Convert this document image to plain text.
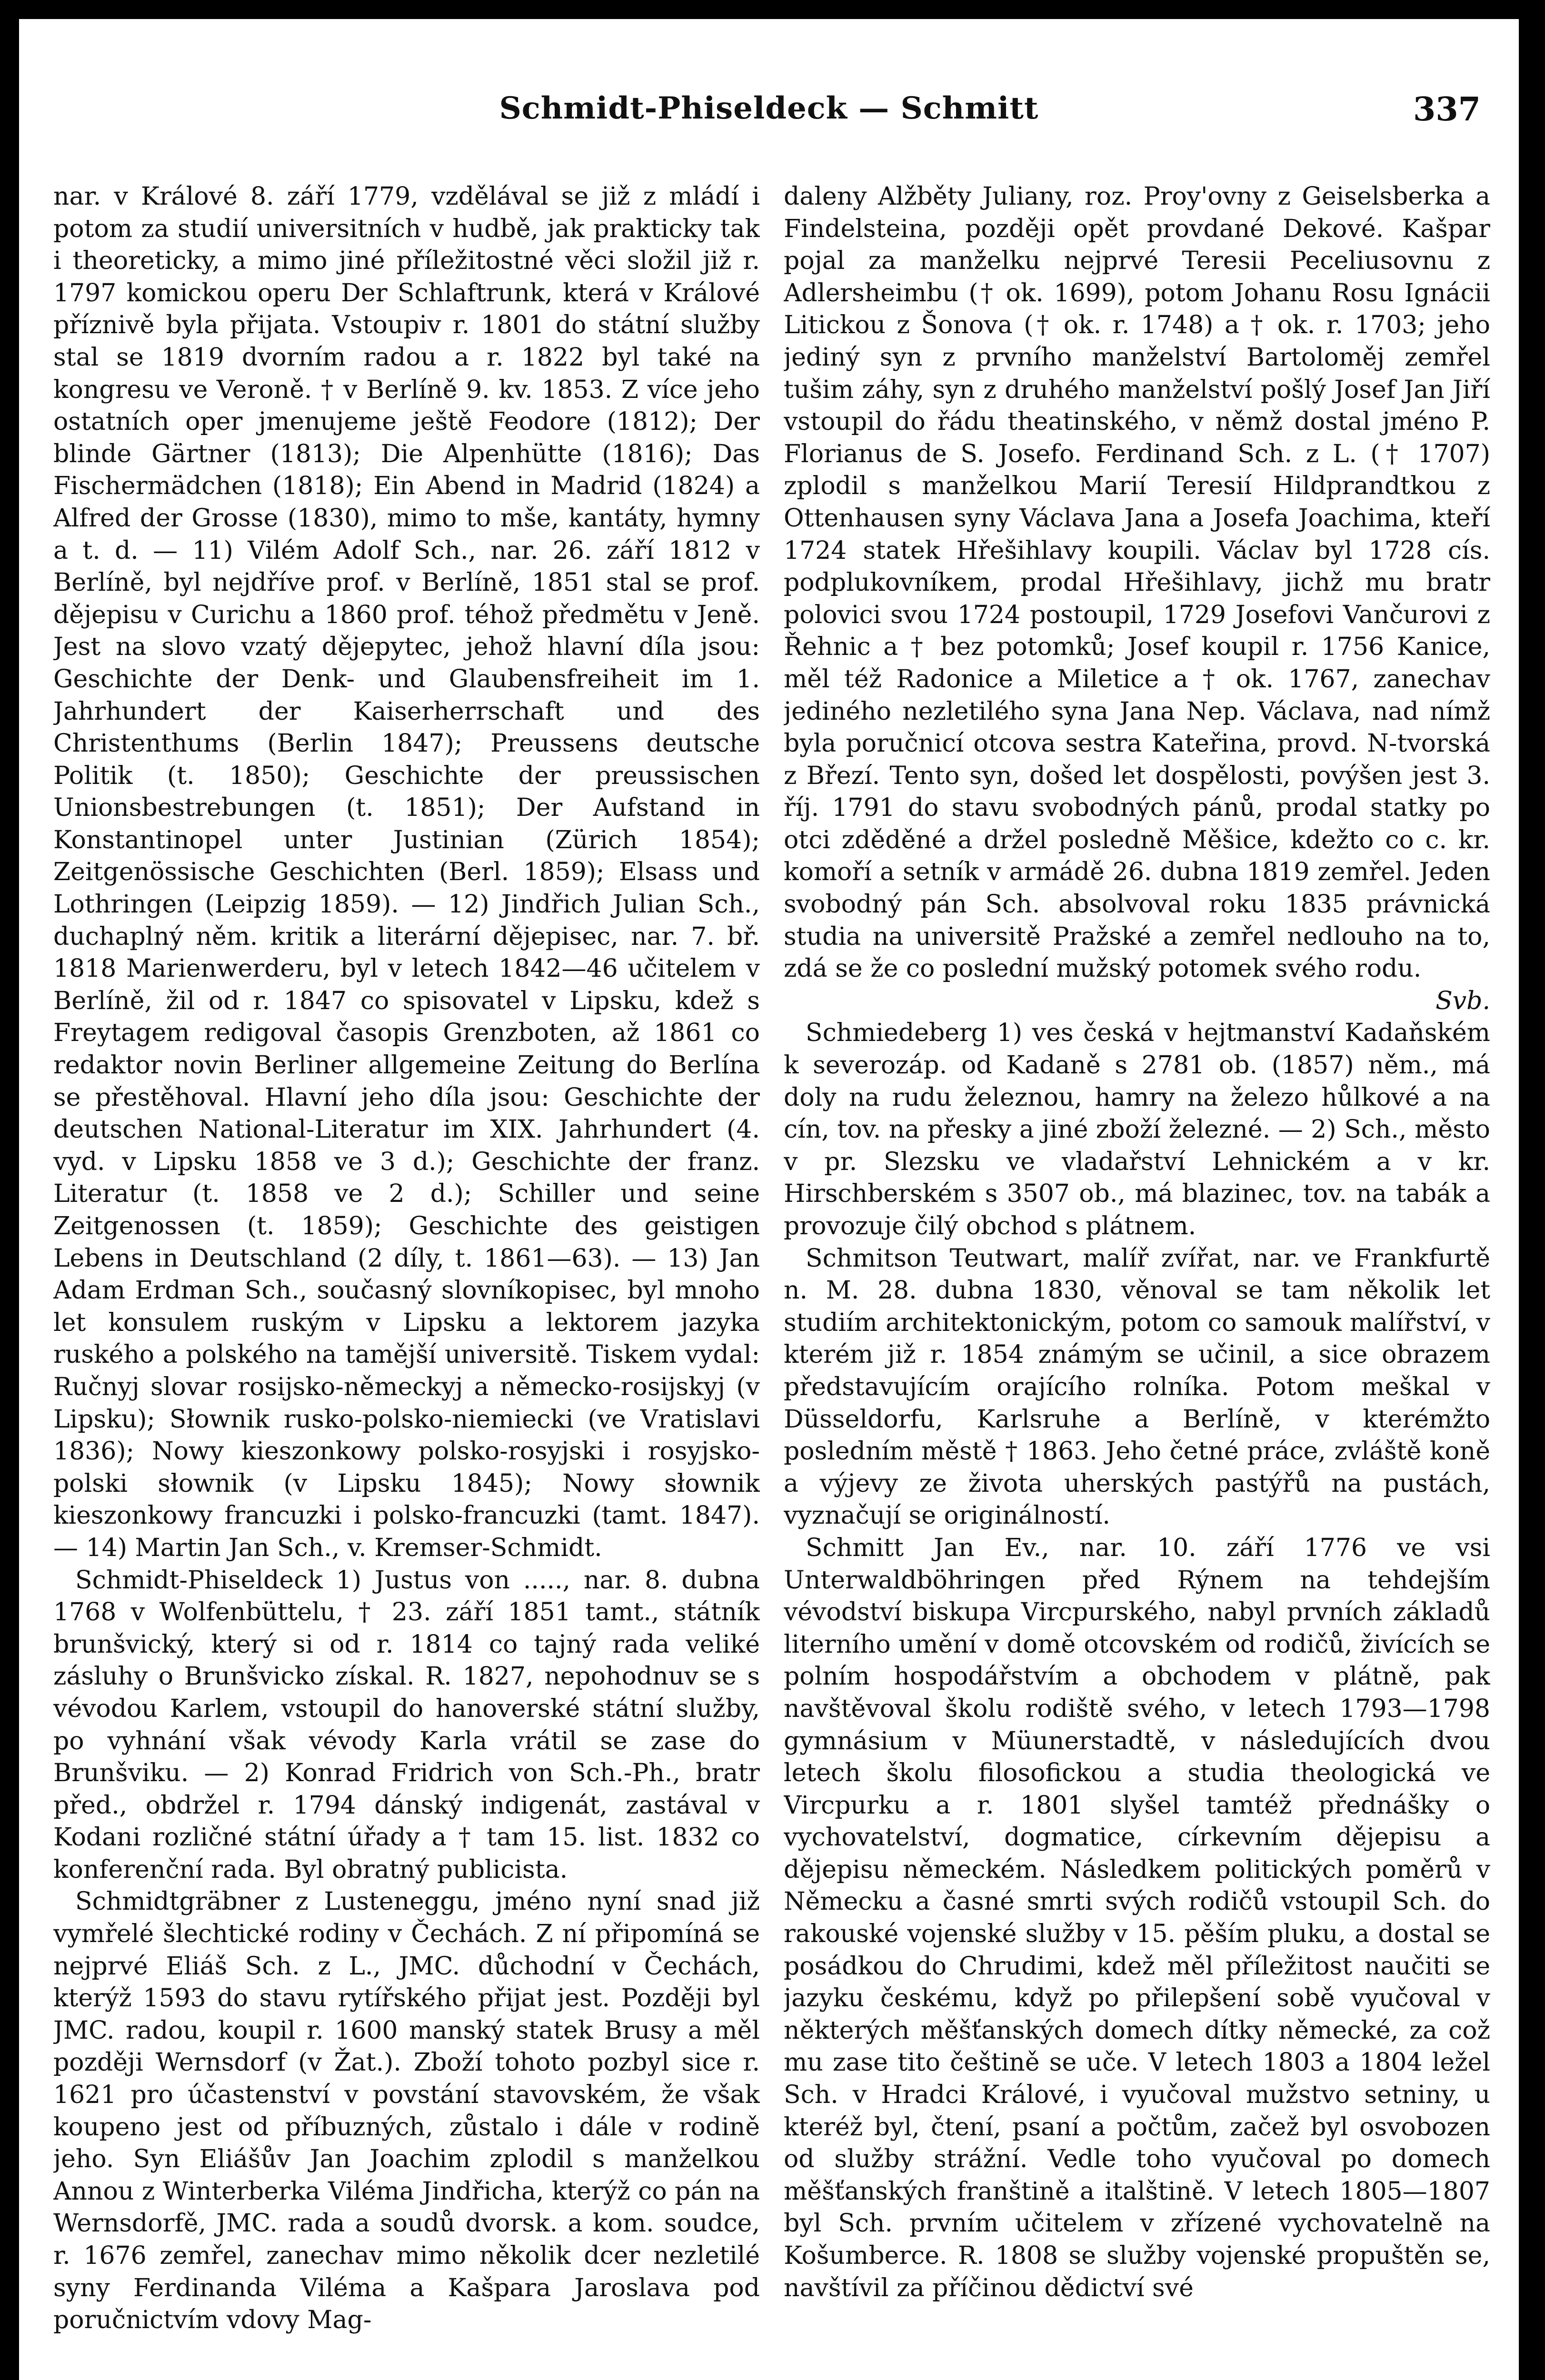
Schmidt-Phiseldeck — Schmitt	337

nar. v Králové 8. září 1779, vzdělával se již z mládí i potom za studií universitních v hudbě, jak prakticky tak i theoreticky, a mimo jiné příležitostné věci složil již r. 1797 komickou operu Der Schlaftrunk, která v Králové příznivě byla přijata. Vstoupiv r. 1801 do státní služby stal se 1819 dvorním radou a r. 1822 byl také na kongresu ve Veroně. † v Berlíně 9. kv. 1853. Z více jeho ostatních oper jmenujeme ještě Feodore (1812); Der blinde Gärtner (1813); Die Alpenhütte (1816); Das Fischermädchen (1818); Ein Abend in Madrid (1824) a Alfred der Grosse (1830), mimo to mše, kantáty, hymny a t. d. — 11) Vilém Adolf Sch., nar. 26. září 1812 v Berlíně, byl nejdříve prof. v Berlíně, 1851 stal se prof. dějepisu v Curichu a 1860 prof. téhož předmětu v Jeně. Jest na slovo vzatý dějepytec, jehož hlavní díla jsou: Geschichte der Denk- und Glaubensfreiheit im 1. Jahrhundert der Kaiserherrschaft und des Christenthums (Berlin 1847); Preussens deutsche Politik (t. 1850); Geschichte der preussischen Unionsbestrebungen (t. 1851); Der Aufstand in Konstantinopel unter Justinian (Zürich 1854); Zeitgenössische Geschichten (Berl. 1859); Elsass und Lothringen (Leipzig 1859). — 12) Jindřich Julian Sch., duchaplný něm. kritik a literární dějepisec, nar. 7. bř. 1818 Marienwerderu, byl v letech 1842—46 učitelem v Berlíně, žil od r. 1847 co spisovatel v Lipsku, kdež s Freytagem redigoval časopis Grenzboten, až 1861 co redaktor novin Berliner allgemeine Zeitung do Berlína se přestěhoval. Hlavní jeho díla jsou: Geschichte der deutschen National-Literatur im XIX. Jahrhundert (4. vyd. v Lipsku 1858 ve 3 d.); Geschichte der franz. Literatur (t. 1858 ve 2 d.); Schiller und seine Zeitgenossen (t. 1859); Geschichte des geistigen Lebens in Deutschland (2 díly, t. 1861—63). — 13) Jan Adam Erdman Sch., současný slovníkopisec, byl mnoho let konsulem ruským v Lipsku a lektorem jazyka ruského a polského na tamější universitě. Tiskem vydal: Ručnyj slovar rosijsko-německyj a německo-rosijskyj (v Lipsku); Słownik rusko-polsko-niemiecki (ve Vratislavi 1836); Nowy kieszonkowy polsko-rosyjski i rosyjsko-polski słownik (v Lipsku 1845); Nowy słownik kieszonkowy francuzki i polsko-francuzki (tamt. 1847). — 14) Martin Jan Sch., v. Kremser-Schmidt.

Schmidt-Phiseldeck 1) Justus von ....., nar. 8. dubna 1768 v Wolfenbüttelu, † 23. září 1851 tamt., státník brunšvický, který si od r. 1814 co tajný rada veliké zásluhy o Brunšvicko získal. R. 1827, nepohodnuv se s vévodou Karlem, vstoupil do hanoverské státní služby, po vyhnání však vévody Karla vrátil se zase do Brunšviku. — 2) Konrad Fridrich von Sch.-Ph., bratr před., obdržel r. 1794 dánský indigenát, zastával v Kodani rozličné státní úřady a † tam 15. list. 1832 co konferenční rada. Byl obratný publicista.

Schmidtgräbner z Lusteneggu, jméno nyní snad již vymřelé šlechtické rodiny v Čechách. Z ní připomíná se nejprvé Eliáš Sch. z L., JMC. důchodní v Čechách, kterýž 1593 do stavu rytířského přijat jest. Později byl JMC. radou, koupil r. 1600 manský statek Brusy a měl později Wernsdorf (v Žat.). Zboží tohoto pozbyl sice r. 1621 pro účastenství v povstání stavovském, že však koupeno jest od příbuzných, zůstalo i dále v rodině jeho. Syn Eliášův Jan Joachim zplodil s manželkou Annou z Winterberka Viléma Jindřicha, kterýž co pán na Wernsdorfě, JMC. rada a soudů dvorsk. a kom. soudce, r. 1676 zemřel, zanechav mimo několik dcer nezletilé syny Ferdinanda Viléma a Kašpara Jaroslava pod poručnictvím vdovy Mag-

daleny Alžběty Juliany, roz. Proy'ovny z Geiselsberka a Findelsteina, později opět provdané Dekové. Kašpar pojal za manželku nejprvé Teresii Peceliusovnu z Adlersheimbu († ok. 1699), potom Johanu Rosu Ignácii Litickou z Šonova († ok. r. 1748) a † ok. r. 1703; jeho jediný syn z prvního manželství Bartoloměj zemřel tušim záhy, syn z druhého manželství pošlý Josef Jan Jiří vstoupil do řádu theatinského, v němž dostal jméno P. Florianus de S. Josefo. Ferdinand Sch. z L. († 1707) zplodil s manželkou Marií Teresií Hildprandtkou z Ottenhausen syny Václava Jana a Josefa Joachima, kteří 1724 statek Hřešihlavy koupili. Václav byl 1728 cís. podplukovníkem, prodal Hřešihlavy, jichž mu bratr polovici svou 1724 postoupil, 1729 Josefovi Vančurovi z Řehnic a † bez potomků; Josef koupil r. 1756 Kanice, měl též Radonice a Miletice a † ok. 1767, zanechav jediného nezletilého syna Jana Nep. Václava, nad nímž byla poručnicí otcova sestra Kateřina, provd. N-tvorská z Březí. Tento syn, došed let dospělosti, povýšen jest 3. říj. 1791 do stavu svobodných pánů, prodal statky po otci zděděné a držel posledně Měšice, kdežto co c. kr. komoří a setník v armádě 26. dubna 1819 zemřel. Jeden svobodný pán Sch. absolvoval roku 1835 právnická studia na universitě Pražské a zemřel nedlouho na to, zdá se že co poslední mužský potomek svého rodu.

Svb.

Schmiedeberg 1) ves česká v hejtmanství Kadaňském k severozáp. od Kadaně s 2781 ob. (1857) něm., má doly na rudu železnou, hamry na železo hůlkové a na cín, tov. na přesky a jiné zboží železné. — 2) Sch., město v pr. Slezsku ve vladařství Lehnickém a v kr. Hirschberském s 3507 ob., má blazinec, tov. na tabák a provozuje čilý obchod s plátnem.

Schmitson Teutwart, malíř zvířat, nar. ve Frankfurtě n. M. 28. dubna 1830, věnoval se tam několik let studiím architektonickým, potom co samouk malířství, v kterém již r. 1854 známým se učinil, a sice obrazem představujícím orajícího rolníka. Potom meškal v Düsseldorfu, Karlsruhe a Berlíně, v kterémžto posledním městě † 1863. Jeho četné práce, zvláště koně a výjevy ze života uherských pastýřů na pustách, vyznačují se originálností.

Schmitt Jan Ev., nar. 10. září 1776 ve vsi Unterwaldböhringen před Rýnem na tehdejším vévodství biskupa Vircpurského, nabyl prvních základů literního umění v domě otcovském od rodičů, živících se polním hospodářstvím a obchodem v plátně, pak navštěvoval školu rodiště svého, v letech 1793—1798 gymnásium v Müunerstadtě, v následujících dvou letech školu filosofickou a studia theologická ve Vircpurku a r. 1801 slyšel tamtéž přednášky o vychovatelství, dogmatice, církevním dějepisu a dějepisu německém. Následkem politických poměrů v Německu a časné smrti svých rodičů vstoupil Sch. do rakouské vojenské služby v 15. pěším pluku, a dostal se posádkou do Chrudimi, kdež měl příležitost naučiti se jazyku českému, když po přilepšení sobě vyučoval v některých měšťanských domech dítky německé, za což mu zase tito češtině se uče. V letech 1803 a 1804 ležel Sch. v Hradci Králové, i vyučoval mužstvo setniny, u kteréž byl, čtení, psaní a počtům, začež byl osvobozen od služby strážní. Vedle toho vyučoval po domech měšťanských franštině a italštině. V letech 1805—1807 byl Sch. prvním učitelem v zřízené vychovatelně na Košumberce. R. 1808 se služby vojenské propuštěn se, navštívil za příčinou dědictví své
